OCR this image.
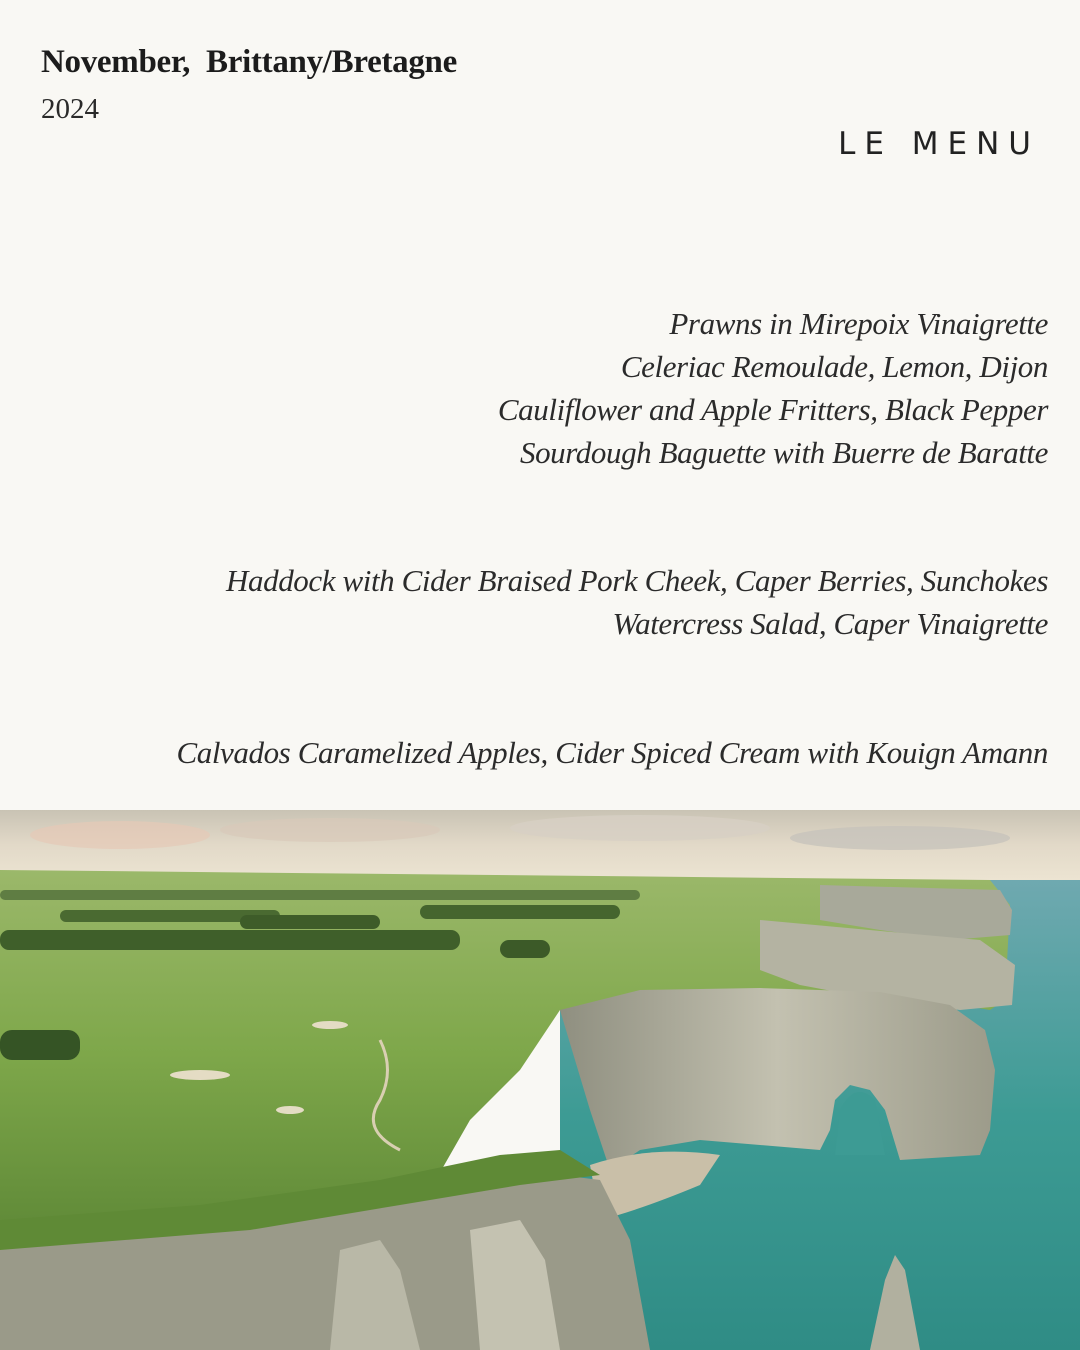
November,  Brittany/Bretagne
2024
LE MENU
Prawns in Mirepoix Vinaigrette
Celeriac Remoulade, Lemon, Dijon
Cauliflower and Apple Fritters, Black Pepper
Sourdough Baguette with Buerre de Baratte
Haddock with Cider Braised Pork Cheek, Caper Berries, Sunchokes
Watercress Salad, Caper Vinaigrette
Calvados Caramelized Apples, Cider Spiced Cream with Kouign Amann
